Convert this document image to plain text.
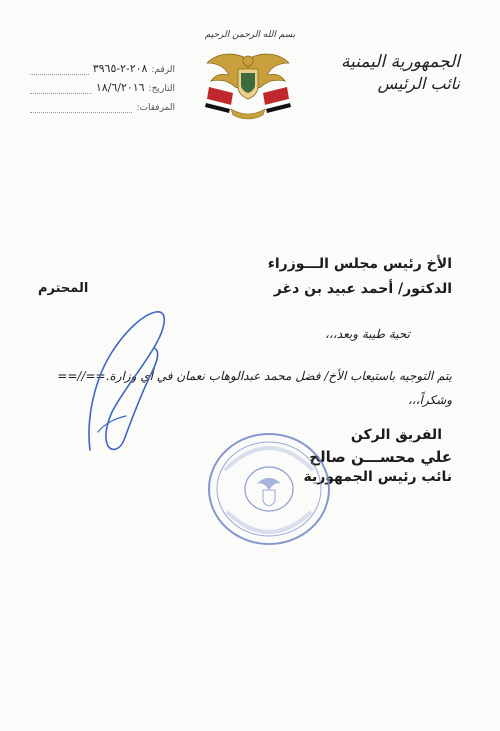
الرقم:
٢٠٨-٢-٣٩٦٥
التاريخ:
١٨/٦/٢٠١٦
المرفقات:
بسم الله الرحمن الرحيم
الجمهورية اليمنية
نائب الرئيس
الأخ رئيس مجلس الـــوزراء
الدكتور/ أحمد عبيد بن دغر
المحترم
تحية طيبة وبعد،،،
يتم التوجيه باستيعاب الأخ/ فضل محمد عبدالوهاب نعمان في أي وزارة.==//==
وشكراً،،،
الفريق الركن
علي محســـن صالح
نائب رئيس الجمهورية
